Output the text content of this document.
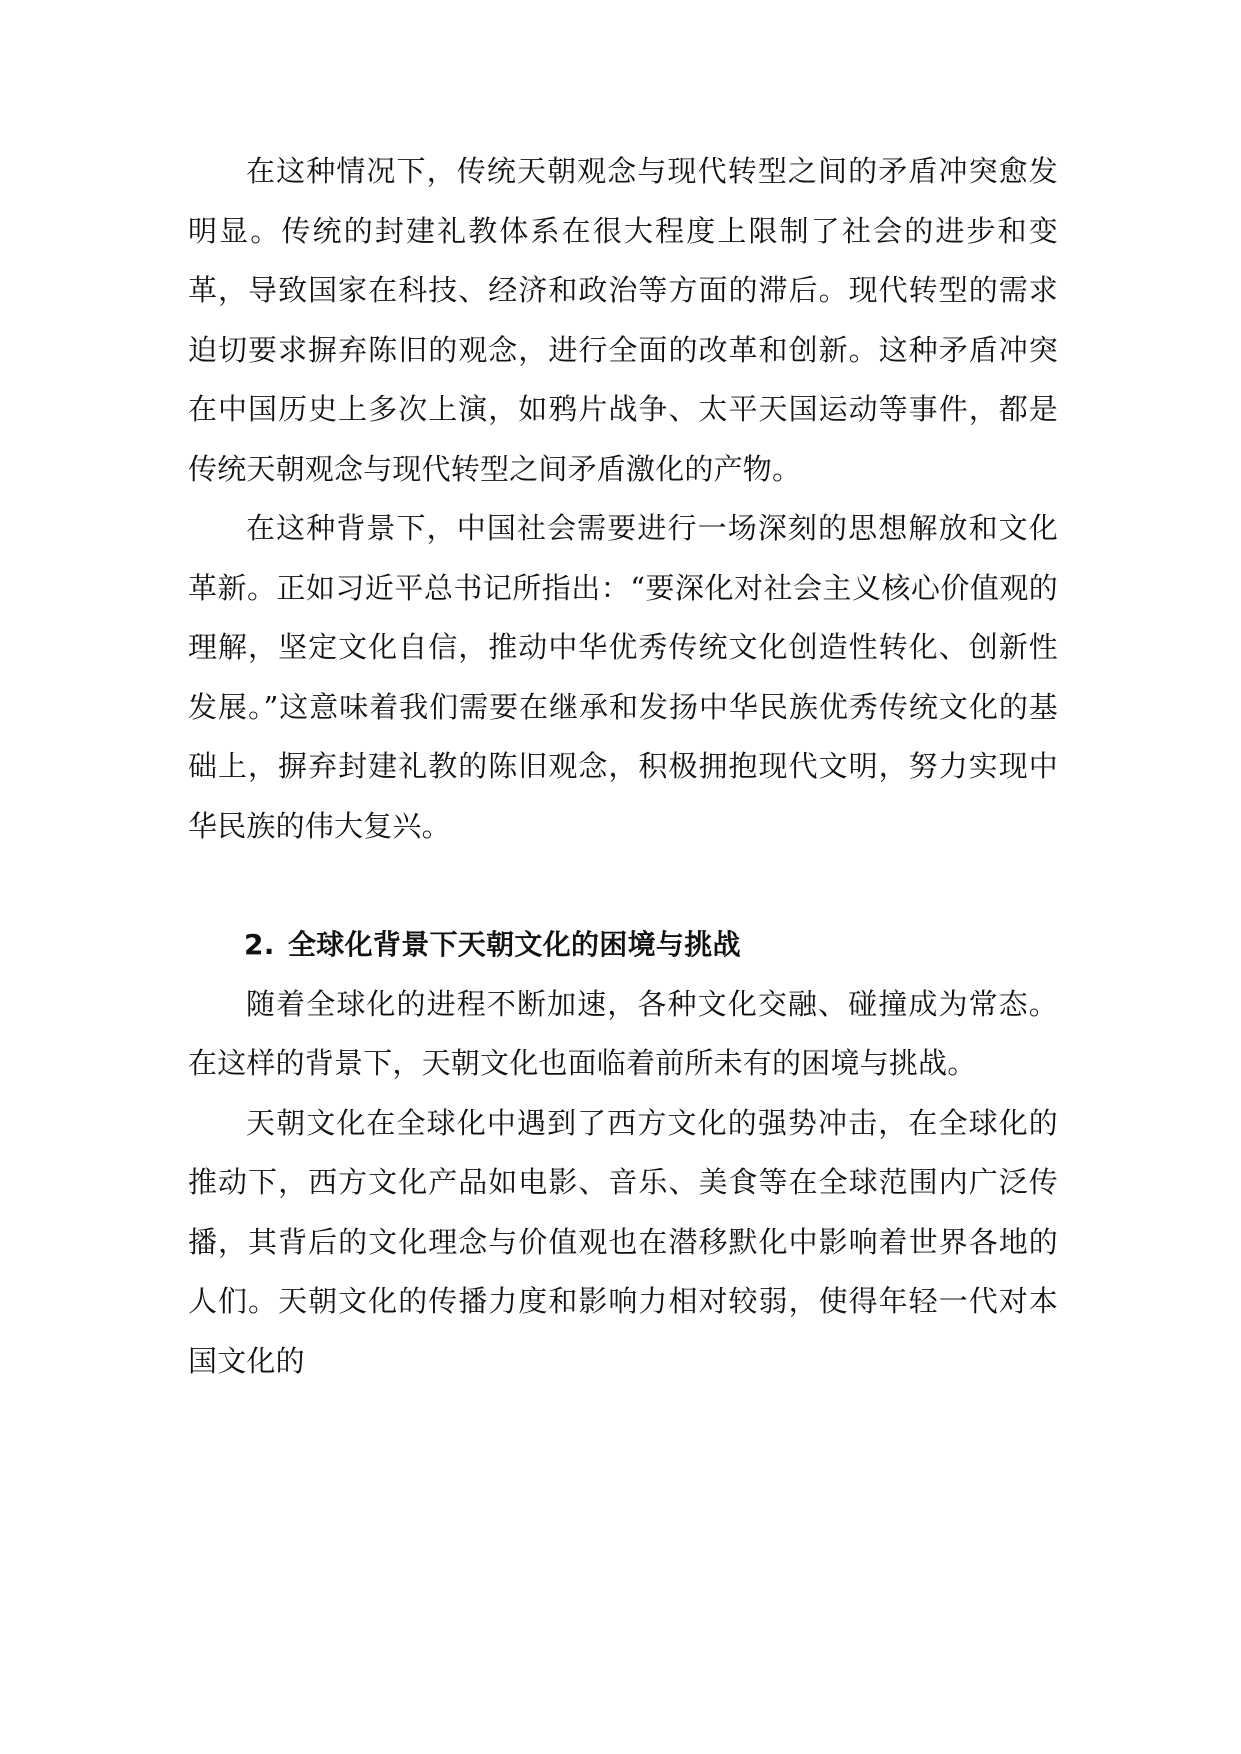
在这种情况下，传统天朝观念与现代转型之间的矛盾冲突愈发明显。传统的封建礼教体系在很大程度上限制了社会的进步和变革，导致国家在科技、经济和政治等方面的滞后。现代转型的需求迫切要求摒弃陈旧的观念，进行全面的改革和创新。这种矛盾冲突在中国历史上多次上演，如鸦片战争、太平天国运动等事件，都是传统天朝观念与现代转型之间矛盾激化的产物。

在这种背景下，中国社会需要进行一场深刻的思想解放和文化革新。正如习近平总书记所指出：“要深化对社会主义核心价值观的理解，坚定文化自信，推动中华优秀传统文化创造性转化、创新性发展。”这意味着我们需要在继承和发扬中华民族优秀传统文化的基础上，摒弃封建礼教的陈旧观念，积极拥抱现代文明，努力实现中华民族的伟大复兴。

2. 全球化背景下天朝文化的困境与挑战

随着全球化的进程不断加速，各种文化交融、碰撞成为常态。在这样的背景下，天朝文化也面临着前所未有的困境与挑战。

天朝文化在全球化中遇到了西方文化的强势冲击，在全球化的推动下，西方文化产品如电影、音乐、美食等在全球范围内广泛传播，其背后的文化理念与价值观也在潜移默化中影响着世界各地的人们。天朝文化的传播力度和影响力相对较弱，使得年轻一代对本国文化的
